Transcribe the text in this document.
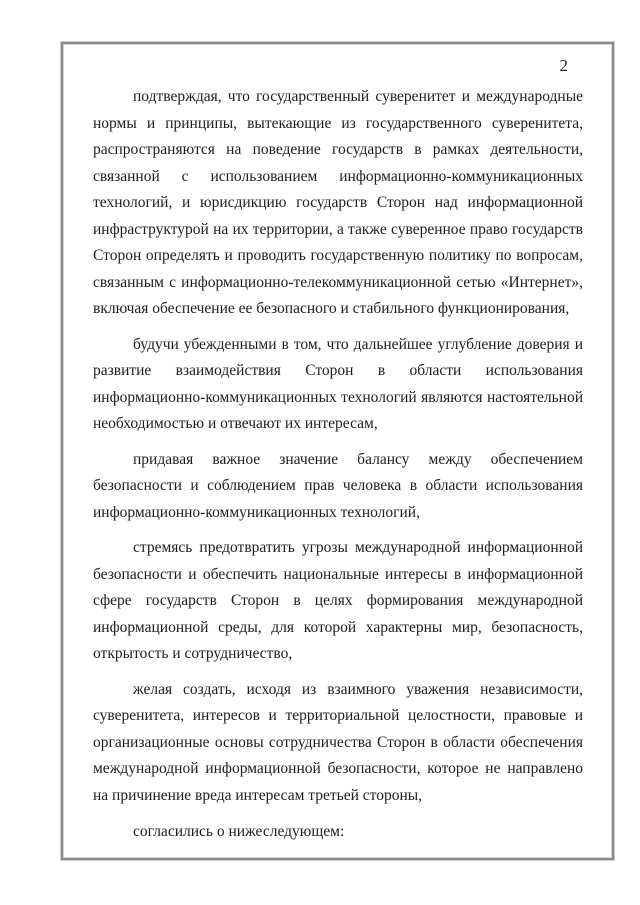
2

подтверждая, что государственный суверенитет и международные нормы и принципы, вытекающие из государственного суверенитета, распространяются на поведение государств в рамках деятельности, связанной с использованием информационно-коммуникационных технологий, и юрисдикцию государств Сторон над информационной инфраструктурой на их территории, а также суверенное право государств Сторон определять и проводить государственную политику по вопросам, связанным с информационно-телекоммуникационной сетью «Интернет», включая обеспечение ее безопасного и стабильного функционирования,

будучи убежденными в том, что дальнейшее углубление доверия и развитие взаимодействия Сторон в области использования информационно-коммуникационных технологий являются настоятельной необходимостью и отвечают их интересам,

придавая важное значение балансу между обеспечением безопасности и соблюдением прав человека в области использования информационно-коммуникационных технологий,

стремясь предотвратить угрозы международной информационной безопасности и обеспечить национальные интересы в информационной сфере государств Сторон в целях формирования международной информационной среды, для которой характерны мир, безопасность, открытость и сотрудничество,

желая создать, исходя из взаимного уважения независимости, суверенитета, интересов и территориальной целостности, правовые и организационные основы сотрудничества Сторон в области обеспечения международной информационной безопасности, которое не направлено на причинение вреда интересам третьей стороны,

согласились о нижеследующем:
